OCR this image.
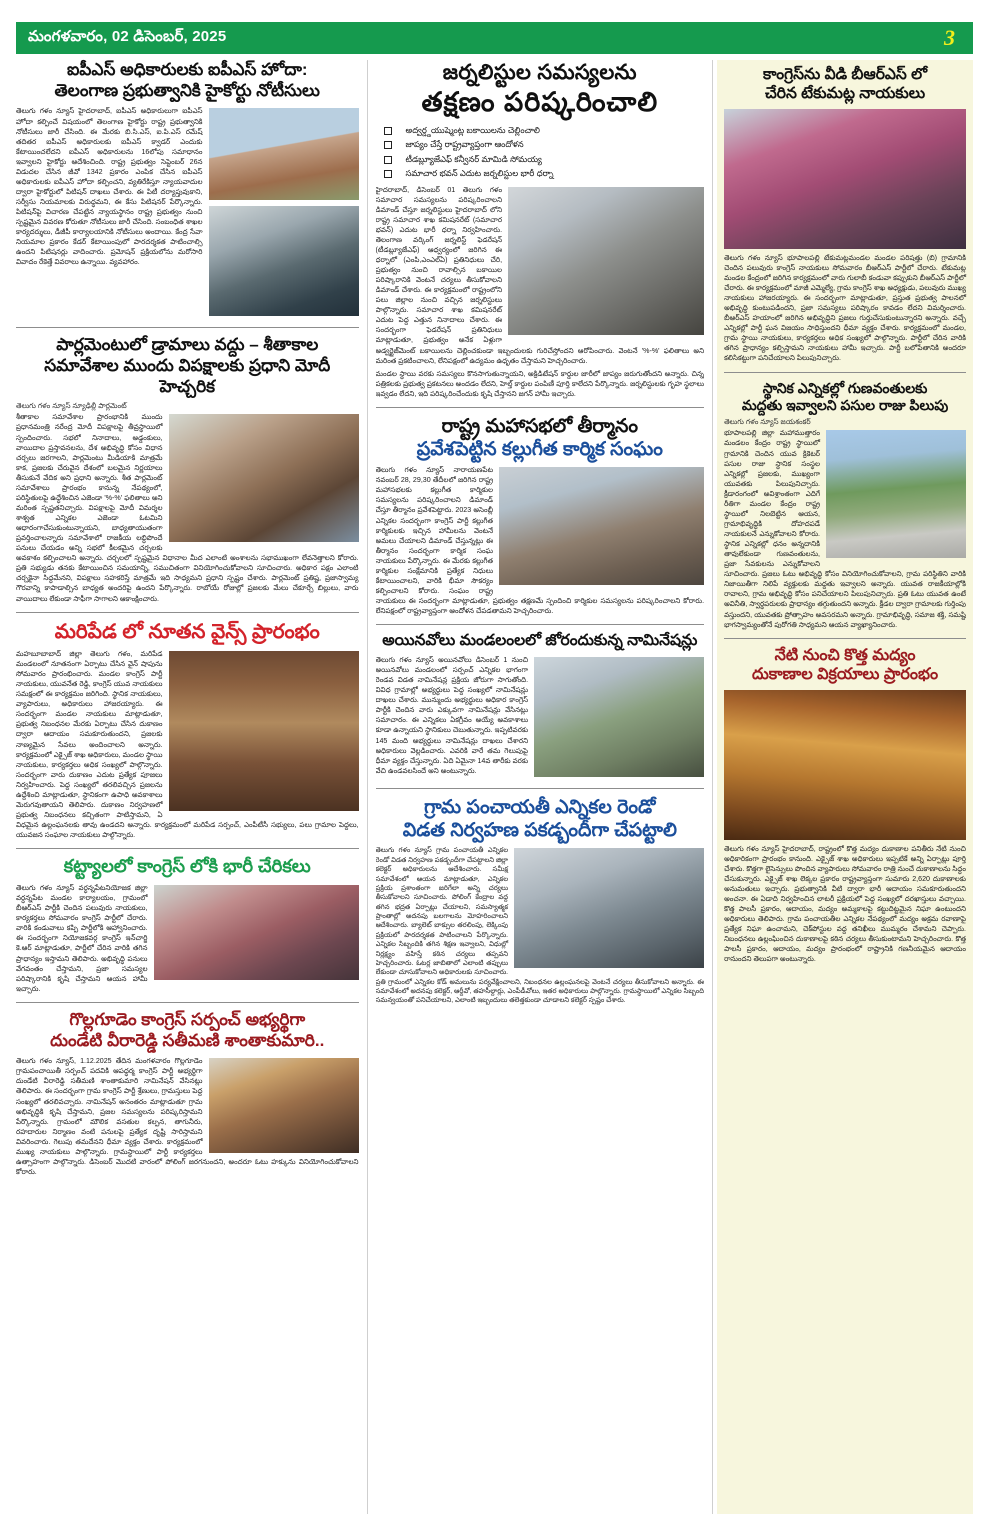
మంగళవారం, 02 డిసెంబర్, 2025	3
ఐపీఎస్ అధికారులకు ఐపీఎస్ హోదా:
తెలంగాణ ప్రభుత్వానికి హైకోర్టు నోటీసులు
తెలుగు గళం న్యూస్ హైదరాబాద్, ఐపీఎస్ అధికారులుగా ఐపీఎస్ హోదా కల్పించే విషయంలో తెలంగాణ హైకోర్టు రాష్ట్ర ప్రభుత్వానికి నోటీసులు జారీ చేసింది. ఈ మేరకు బి.సి.ఎస్, ఐ.పి.ఎస్ రమేష్ తదితర ఐపీఎస్ అధికారులకు ఐపీఎస్ క్వాడర్ ఎందుకు కేటాయించలేదని ఐపీఎస్ అధికారులను 16లోపు సమాధానం ఇవ్వాలని హైకోర్టు ఆదేశించింది. రాష్ట్ర ప్రభుత్వం సెప్టెంబర్ 26న విడుదల చేసిన జీవో 1342 ప్రకారం ఎంపిక చేసిన ఐపీఎస్ అధికారులకు ఐపీఎస్ హోదా కల్పించని, వ్యతిరేకిస్తూ న్యాయవాదుల ద్వారా హైకోర్టులో పిటిషన్ దాఖలు చేశారు. ఈ పిటీ దర్యాప్తువుకాని, సర్వీసు నియమాలకు విరుద్ధమని, ఈ కేసు పిటిషనర్ పేర్కొన్నారు. పిటిషన్‌పై విచారణ చేపట్టిన న్యాయస్థానం రాష్ట్ర ప్రభుత్వం నుంచి స్పష్టమైన వివరణ కోరుతూ నోటీసులు జారీ చేసింది. సంబంధిత శాఖల కార్యదర్శులు, డీజీపీ కార్యాలయానికి నోటీసులు అందాయి. కేంద్ర సేవా నియమాల ప్రకారం కేడర్ కేటాయింపులో పారదర్శకత పాటించాల్సి ఉందని పిటిషనర్లు వాదించారు. ప్రమోషన్ ప్రక్రియలోను మరోసారి వివాదం రేకెత్తే వివరాలు ఉన్నాయి. వ్యవహారం.
పార్లమెంటులో డ్రామాలు వద్దు – శీతాకాల
సమావేశాల ముందు విపక్షాలకు ప్రధాని మోదీ హెచ్చరిక
తెలుగు గళం న్యూస్ న్యూఢిల్లీ పార్లమెంట్
శీతాకాల సమావేశాల ప్రారంభానికి ముందు ప్రధానమంత్రి నరేంద్ర మోదీ విపక్షాలపై తీవ్రస్థాయిలో స్పందించారు. సభలో నినాదాలు, అడ్డంకులు, వాయిదాల ప్రస్తావనలను, దేశ అభివృద్ధి కోసం విధాన చర్చలు జరగాలని, పార్లమెంటు మీడియాకి మాత్రమే కాక, ప్రజలకు చేరువైన దేశంలో బలమైన నిర్ణయాలు తీసుకునే వేదిక అని ప్రధాని అన్నారు. శీత పార్లమెంట్ సమావేశాలు ప్రారంభం కానున్న నేపథ్యంలో, పరిస్థితులపై ఉద్ధేశించిన ఎజెండా '%-%' ఫలితాలు అని మరింత స్పష్టతనిచ్చారు. విపక్షాలపై మోదీ విమర్శల శాశ్వత ఎన్నికల ఎజెండా ఓటమిని ఆధారంగాచేసుకుంటున్నాయని, బాధ్యతాయుతంగా ప్రవర్తించాలన్నారు సమావేశాలో రాజకీయ లబ్ధిపొందే పనులు చేయడం అన్ని సభలో కీలకమైన చర్చలకు అవకాశం కల్పించాలని అన్నారు. చర్చలలో స్పష్టమైన విధానాల మీద ఎలాంటి అంశాలను సభాముఖంగా లేవనెత్తాలని కోరారు. ప్రతి సభ్యుడు తనకు కేటాయించిన సమయాన్ని, సముచితంగా వినియోగించుకోవాలని సూచించారు. అధికార పక్షం ఎలాంటి చర్చకైనా సిద్ధమేనని, విపక్షాలు సహకరిస్తే మాత్రమే ఇది సాధ్యమని ప్రధాని స్పష్టం చేశారు. పార్లమెంట్ ప్రతిష్ట, ప్రజాస్వామ్య గౌరవాన్ని కాపాడాల్సిన బాధ్యత అందరిపై ఉందని పేర్కొన్నారు. రాబోయే రోజుల్లో ప్రజలకు మేలు చేకూర్చే బిల్లులు, వారు వాయిదాలు లేకుండా సాఫీగా సాగాలని ఆకాంక్షించారు.
మరిపేడ లో నూతన వైన్స్ ప్రారంభం
మహబూబాబాద్ జిల్లా తెలుగు గళం, మరిపేడ మండలంలో నూతనంగా ఏర్పాటు చేసిన వైన్ షాపును సోమవారం ప్రారంభించారు. మండల కాంగ్రెస్ పార్టీ నాయకులు, యువనేత రెడ్డి, కాంగ్రెస్ యువ నాయకులు సమక్షంలో ఈ కార్యక్రమం జరిగింది. స్థానిక నాయకులు, వ్యాపారులు, అధికారులు హాజరయ్యారు. ఈ సందర్భంగా మండల నాయకులు మాట్లాడుతూ, ప్రభుత్వ నిబంధనల మేరకు ఏర్పాటు చేసిన దుకాణం ద్వారా ఆదాయం సమకూరుతుందని, ప్రజలకు నాణ్యమైన సేవలు అందించాలని అన్నారు. కార్యక్రమంలో ఎక్సైజ్ శాఖ అధికారులు, మండల స్థాయి నాయకులు, కార్యకర్తలు అధిక సంఖ్యలో పాల్గొన్నారు. సందర్భంగా వారు దుకాణం ఎదుట ప్రత్యేక పూజలు నిర్వహించారు. పెద్ద సంఖ్యలో తరలివచ్చిన ప్రజలను ఉద్దేశించి మాట్లాడుతూ, స్థానికంగా ఉపాధి అవకాశాలు మెరుగవుతాయని తెలిపారు. దుకాణం నిర్వహణలో ప్రభుత్వ నిబంధనలు కచ్చితంగా పాటిస్తామని, ఏ విధమైన ఉల్లంఘనలకు తావు ఉండదని అన్నారు. కార్యక్రమంలో మరిపేడ సర్పంచ్, ఎంపీటీసీ సభ్యులు, పలు గ్రామాల పెద్దలు, యువజన సంఘాల నాయకులు పాల్గొన్నారు.
కట్ట్యాలలో కాంగ్రెస్ లోకి భారీ చేరికలు
తెలుగు గళం న్యూస్ వర్ధన్నపేటనియోజక జిల్లా వర్ధన్నపేట మండల కార్యాలయం, గ్రామంలో బీఆర్ఎస్ పార్టీకి చెందిన పలువురు నాయకులు, కార్యకర్తలు సోమవారం కాంగ్రెస్ పార్టీలో చేరారు. వారికి కండువాలు కప్పి పార్టీలోకి ఆహ్వానించారు. ఈ సందర్భంగా నియోజకవర్గ కాంగ్రెస్ ఇన్‌చార్జి కె.ఆర్ మాట్లాడుతూ, పార్టీలో చేరిన వారికి తగిన ప్రాధాన్యం ఇస్తామని తెలిపారు. అభివృద్ధి పనులు వేగవంతం చేస్తామని, ప్రజా సమస్యల పరిష్కారానికి కృషి చేస్తామని ఆయన హామీ ఇచ్చారు.
గొల్లగూడెం కాంగ్రెస్ సర్పంచ్ అభ్యర్థిగా
దుండేటి వీరారెడ్డి సతీమణి శాంతాకుమారి..
తెలుగు గళం న్యూస్, 1.12.2025 తేదిన మంగళవారం గొల్లగూడెం గ్రామపంచాయితీ సర్పంచ్ పదవికి ఆపద్ధర్మ కాంగ్రెస్ పార్టీ అభ్యర్థిగా దుండేటి వీరారెడ్డి సతీమణి శాంతాకుమారి నామినేషన్ వేసినట్లు తెలిపారు. ఈ సందర్భంగా గ్రామ కాంగ్రెస్ పార్టీ శ్రేణులు, గ్రామస్తులు పెద్ద సంఖ్యలో తరలివచ్చారు. నామినేషన్ అనంతరం మాట్లాడుతూ గ్రామ అభివృద్ధికి కృషి చేస్తామని, ప్రజల సమస్యలను పరిష్కరిస్తామని పేర్కొన్నారు. గ్రామంలో మౌలిక వసతుల కల్పన, తాగునీరు, రహదారుల నిర్మాణం వంటి పనులపై ప్రత్యేక దృష్టి సారిస్తామని వివరించారు. గెలుపు తమదేనని ధీమా వ్యక్తం చేశారు. కార్యక్రమంలో ముఖ్య నాయకులు పాల్గొన్నారు. గ్రామస్థాయిలో పార్టీ కార్యకర్తలు ఉత్సాహంగా పాల్గొన్నారు. డిసెంబర్ మొదటి వారంలో పోలింగ్ జరగనుందని, అందరూ ఓటు హక్కును వినియోగించుకోవాలని కోరారు.
జర్నలిస్టుల సమస్యలను
తక్షణం పరిష్కరించాలి
అద్వర్డ్డయుష్మెంట్ల బకాయిలను చెల్లించాలి
జాప్యం చేస్తే రాష్ట్రవ్యాప్తంగా ఆందోళన
టీడబ్ల్యూజేఎఫ్ కన్వీనర్ మామిడి సోమయ్య
సమాచార భవన్ ఎదుట జర్నలిస్టుల భారీ ధర్నా
హైదరాబాద్, డిసెంబర్ 01 తెలుగు గళం సమాచార సమస్యలను పరిష్కరించాలని డిమాండ్ చేస్తూ జర్నలిస్టులు హైదరాబాద్ లోని రాష్ట్ర సమాచార శాఖ కమిషనరేట్ (సమాచార భవన్) ఎదుట భారీ ధర్నా నిర్వహించారు. తెలంగాణ వర్కింగ్ జర్నలిస్ట్ ఫెడరేషన్ (టీడబ్ల్యూజేఎఫ్) ఆధ్వర్యంలో జరిగిన ఈ ధర్నాలో (ఎంపి,ఎంఎల్ఏ) ప్రతినిధులు చేరి, ప్రభుత్వం నుంచి రావాల్సిన బకాయిల పరిష్కారానికి వెంటనే చర్యలు తీసుకోవాలని డిమాండ్ చేశారు. ఈ కార్యక్రమంలో రాష్ట్రంలోని పలు జిల్లాల నుంచి వచ్చిన జర్నలిస్టులు పాల్గొన్నారు. సమాచార శాఖ కమిషనరేట్ ఎదుట పెద్ద ఎత్తున నినాదాలు చేశారు. ఈ సందర్భంగా ఫెడరేషన్ ప్రతినిధులు మాట్లాడుతూ, ప్రభుత్వం అనేక ఏళ్లుగా అడ్వర్టైజ్‌మెంట్ బకాయిలను చెల్లించకుండా ఇబ్బందులకు గురిచేస్తోందని ఆరోపించారు. వెంటనే '%-%' ఫలితాలు అని మరింత ప్రకటించాలని, లేనిపక్షంలో ఉద్యమం ఉధృతం చేస్తామని హెచ్చరించారు.
మండల స్థాయి వరకు సమస్యలు కొనసాగుతున్నాయని, అక్రిడిటేషన్ కార్డుల జారీలో జాప్యం జరుగుతోందని అన్నారు. చిన్న పత్రికలకు ప్రభుత్వ ప్రకటనలు అందడం లేదని, హెల్త్ కార్డుల పంపిణీ పూర్తి కాలేదని పేర్కొన్నారు. జర్నలిస్టులకు గృహ స్థలాలు ఇవ్వడం లేదని, ఇది పరిష్కరించేందుకు కృషి చేస్తానని జగన్ హామీ ఇచ్చారు.
రాష్ట్ర మహాసభలో తీర్మానం
ప్రవేశపెట్టిన కల్లుగీత కార్మిక సంఘం
తెలుగు గళం న్యూస్ నారాయణపేట నవంబర్ 28, 29,30 తేదీలలో జరిగిన రాష్ట్ర మహాసభలకు కల్లుగీత కార్మికుల సమస్యలను పరిష్కరించాలని డిమాండ్ చేస్తూ తీర్మానం ప్రవేశపెట్టారు. 2023 అసెంబ్లీ ఎన్నికల సందర్భంగా కాంగ్రెస్ పార్టీ కల్లుగీత కార్మికులకు ఇచ్చిన హామీలను వెంటనే అమలు చేయాలని డిమాండ్ చేస్తున్నట్లు ఈ తీర్మానం సందర్భంగా కార్మిక సంఘ నాయకులు పేర్కొన్నారు. ఈ మేరకు కల్లుగీత కార్మికుల సంక్షేమానికి ప్రత్యేక నిధులు కేటాయించాలని, వారికి భీమా సౌకర్యం కల్పించాలని కోరారు. సంఘం రాష్ట్ర నాయకులు ఈ సందర్భంగా మాట్లాడుతూ, ప్రభుత్వం తక్షణమే స్పందించి కార్మికుల సమస్యలను పరిష్కరించాలని కోరారు. లేనిపక్షంలో రాష్ట్రవ్యాప్తంగా ఆందోళన చేపడతామని హెచ్చరించారు.
అయినవోలు మండలంలలో జోరందుకున్న నామినేషన్లు
తెలుగు గళం న్యూస్ అయినవోలు డిసెంబర్ 1 నుంచి అయినవోలు మండలంలో సర్పంచ్ ఎన్నికల భాగంగా రెండవ విడత నామినేషన్ల ప్రక్రియ జోరుగా సాగుతోంది. వివిధ గ్రామాల్లో అభ్యర్థులు పెద్ద సంఖ్యలో నామినేషన్లు దాఖలు చేశారు. మున్ముందు అభ్యర్థులు అధికార కాంగ్రెస్ పార్టీకి చెందిన వారు ఎక్కువగా నామినేషన్లు వేసినట్లు సమాచారం. ఈ ఎన్నికలు ఏకగ్రీవం అయ్యే అవకాశాలు కూడా ఉన్నాయని స్థానికులు చెబుతున్నారు. ఇప్పటివరకు 145 మంది అభ్యర్థులు నామినేషన్లు దాఖలు చేశారని అధికారులు వెల్లడించారు. ఎవరికి వారే తమ గెలుపుపై ధీమా వ్యక్తం చేస్తున్నారు. ఏది ఏమైనా 14వ తారీకు వరకు వేచి ఉండవలసిందే అని అంటున్నారు.
గ్రామ పంచాయతీ ఎన్నికల రెండో
విడత నిర్వహణ పకడ్బందీగా చేపట్టాలి
తెలుగు గళం న్యూస్ గ్రామ పంచాయతీ ఎన్నికల రెండో విడత నిర్వహణ పకడ్బందీగా చేపట్టాలని జిల్లా కలెక్టర్ అధికారులను ఆదేశించారు. సమీక్ష సమావేశంలో ఆయన మాట్లాడుతూ, ఎన్నికల ప్రక్రియ ప్రశాంతంగా జరిగేలా అన్ని చర్యలు తీసుకోవాలని సూచించారు. పోలింగ్ కేంద్రాల వద్ద తగిన భద్రత ఏర్పాట్లు చేయాలని, సమస్యాత్మక ప్రాంతాల్లో అదనపు బలగాలను మోహరించాలని ఆదేశించారు. బ్యాలెట్ బాక్సుల తరలింపు, లెక్కింపు ప్రక్రియలో పారదర్శకత పాటించాలని పేర్కొన్నారు. ఎన్నికల సిబ్బందికి తగిన శిక్షణ ఇవ్వాలని, విధుల్లో నిర్లక్ష్యం వహిస్తే కఠిన చర్యలు తప్పవని హెచ్చరించారు. ఓటర్ల జాబితాలో ఎలాంటి తప్పులు లేకుండా చూసుకోవాలని అధికారులకు సూచించారు. ప్రతి గ్రామంలో ఎన్నికల కోడ్ అమలును పర్యవేక్షించాలని, నిబంధనల ఉల్లంఘనలపై వెంటనే చర్యలు తీసుకోవాలని అన్నారు. ఈ సమావేశంలో అదనపు కలెక్టర్, ఆర్డీవో, తహసీల్దార్లు, ఎంపీడీవోలు, ఇతర అధికారులు పాల్గొన్నారు. గ్రామస్థాయిలో ఎన్నికల సిబ్బంది సమన్వయంతో పనిచేయాలని, ఎలాంటి ఇబ్బందులు తలెత్తకుండా చూడాలని కలెక్టర్ స్పష్టం చేశారు.
కాంగ్రెస్‌ను వీడి బీఆర్ఎస్ లో
చేరిన టేకుమట్ల నాయకులు
తెలుగు గళం న్యూస్ భూపాలపల్లి టేకుమట్లమండల మండల పరిషత్తు (బి) గ్రామానికి చెందిన పలువురు కాంగ్రెస్ నాయకులు సోమవారం బీఆర్ఎస్ పార్టీలో చేరారు. టేకుమట్ల మండల కేంద్రంలో జరిగిన కార్యక్రమంలో వారు గులాబీ కండువా కప్పుకుని బీఆర్ఎస్ పార్టీలో చేరారు. ఈ కార్యక్రమంలో మాజీ ఎమ్మెల్యే, గ్రామ కాంగ్రెస్ శాఖ అధ్యక్షుడు, పలువురు ముఖ్య నాయకులు హాజరయ్యారు. ఈ సందర్భంగా మాట్లాడుతూ, ప్రస్తుత ప్రభుత్వ పాలనలో అభివృద్ధి కుంటుపడిందని, ప్రజా సమస్యలు పరిష్కారం కావడం లేదని విమర్శించారు. బీఆర్ఎస్ హయాంలో జరిగిన అభివృద్ధిని ప్రజలు గుర్తుచేసుకుంటున్నారని అన్నారు. వచ్చే ఎన్నికల్లో పార్టీ ఘన విజయం సాధిస్తుందని ధీమా వ్యక్తం చేశారు. కార్యక్రమంలో మండల, గ్రామ స్థాయి నాయకులు, కార్యకర్తలు అధిక సంఖ్యలో పాల్గొన్నారు. పార్టీలో చేరిన వారికి తగిన ప్రాధాన్యం కల్పిస్తామని నాయకులు హామీ ఇచ్చారు. పార్టీ బలోపేతానికి అందరూ కలిసికట్టుగా పనిచేయాలని పిలుపునిచ్చారు.
స్థానిక ఎన్నికల్లో గుణవంతులకు
మద్దతు ఇవ్వాలని పసుల రాజు పిలుపు
తెలుగు గళం న్యూస్ జయశంకర్
భూపాలపల్లి జిల్లా మహాముత్తారం మండలం కేంద్రం రాష్ట్ర స్థాయిలో గ్రామానికి చెందిన యువ క్రికెటర్ పసుల రాజు స్థానిక సంస్థల ఎన్నికల్లో ప్రజలకు, ముఖ్యంగా యువతకు పిలుపునిచ్చారు. క్రీడారంగంలో అవిశ్రాంతంగా ఎదిగే రీతిగా మండల కేంద్రం రాష్ట్ర స్థాయిలో నిలబెట్టిన ఆయన, గ్రామాభివృద్ధికి దోహదపడే నాయకులనే ఎన్నుకోవాలని కోరారు. స్థానిక ఎన్నికల్లో ధనం అన్నదానికి తావులేకుండా గుణవంతులను, ప్రజా సేవకులను ఎన్నుకోవాలని సూచించారు. ప్రజలు ఓటు అభివృద్ధి కోసం వినియోగించుకోవాలని, గ్రామ పరిస్థితిని వారికి నిజాయితీగా నిలిపే వ్యక్తులకు మద్దతు ఇవ్వాలని అన్నారు. యువత రాజకీయాల్లోకి రావాలని, గ్రామ అభివృద్ధి కోసం పనిచేయాలని పిలుపునిచ్చారు. ప్రతి ఓటు యువత ఉంటే అవినీతి, స్వార్థపరులకు ప్రాధాన్యం తగ్గుతుందని అన్నారు. క్రీడల ద్వారా గ్రామాలకు గుర్తింపు వస్తుందని, యువతకు ప్రోత్సాహం అవసరమని అన్నారు. గ్రామాభివృద్ధి, సమాజ శక్తి, సమష్టి భాగస్వామ్యంతోనే పురోగతి సాధ్యమని ఆయన వ్యాఖ్యానించారు.
నేటి నుంచి కొత్త మద్యం
దుకాణాల విక్రయాలు ప్రారంభం
తెలుగు గళం న్యూస్ హైదరాబాద్, రాష్ట్రంలో కొత్త మద్యం దుకాణాల పనితీరు నేటి నుంచి అధికారికంగా ప్రారంభం కానుంది. ఎక్సైజ్ శాఖ అధికారులు ఇప్పటికే అన్ని ఏర్పాట్లు పూర్తి చేశారు. కొత్తగా లైసెన్సులు పొందిన వ్యాపారులు సోమవారం రాత్రి నుంచే దుకాణాలను సిద్ధం చేసుకున్నారు. ఎక్సైజ్ శాఖ లెక్కల ప్రకారం రాష్ట్రవ్యాప్తంగా సుమారు 2,620 దుకాణాలకు అనుమతులు ఇచ్చారు. ప్రభుత్వానికి వీటి ద్వారా భారీ ఆదాయం సమకూరుతుందని అంచనా. ఈ ఏడాది నిర్వహించిన లాటరీ ప్రక్రియలో పెద్ద సంఖ్యలో దరఖాస్తులు వచ్చాయి. కొత్త పాలసీ ప్రకారం, ఆదాయం, మద్యం అమ్మకాలపై కట్టుదిట్టమైన నిఘా ఉంటుందని అధికారులు తెలిపారు. గ్రామ పంచాయతీల ఎన్నికల నేపథ్యంలో మద్యం అక్రమ రవాణాపై ప్రత్యేక నిఘా ఉంచామని, చెక్‌పోస్టుల వద్ద తనిఖీలు ముమ్మరం చేశామని చెప్పారు. నిబంధనలు ఉల్లంఘించిన దుకాణాలపై కఠిన చర్యలు తీసుకుంటామని హెచ్చరించారు. కొత్త పాలసీ ప్రకారం, ఆదాయం, మద్యం ప్రారంభంలో రాష్ట్రానికి గణనీయమైన ఆదాయం రానుందని తెలుపగా అంటున్నారు.
